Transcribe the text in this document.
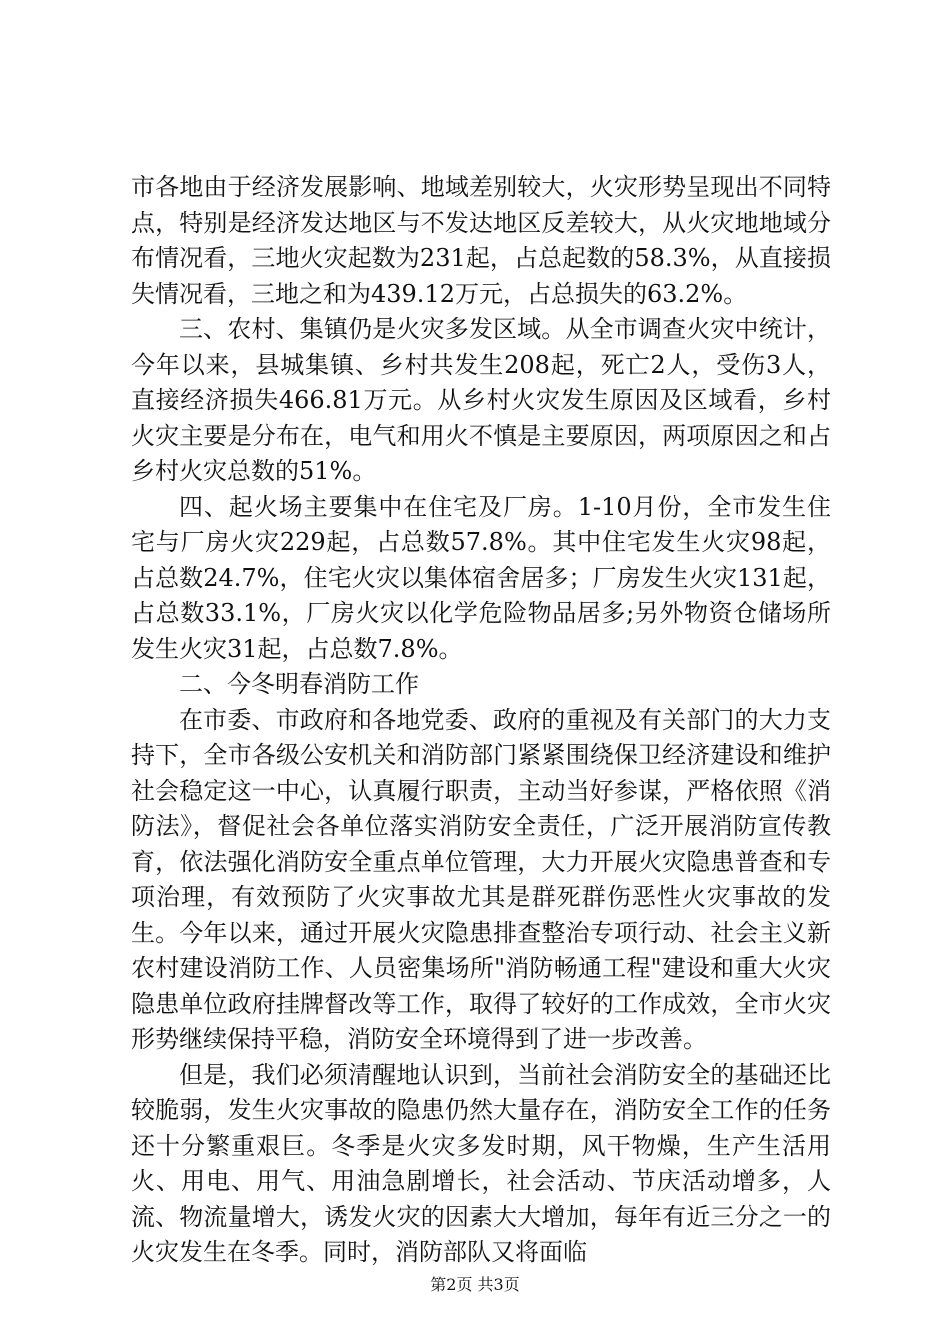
市各地由于经济发展影响、地域差别较大，火灾形势呈现出不同特点，特别是经济发达地区与不发达地区反差较大，从火灾地地域分布情况看，三地火灾起数为231起，占总起数的58.3%，从直接损失情况看，三地之和为439.12万元，占总损失的63.2%。

三、农村、集镇仍是火灾多发区域。从全市调查火灾中统计，今年以来，县城集镇、乡村共发生208起，死亡2人，受伤3人，直接经济损失466.81万元。从乡村火灾发生原因及区域看，乡村火灾主要是分布在，电气和用火不慎是主要原因，两项原因之和占乡村火灾总数的51%。

四、起火场主要集中在住宅及厂房。1-10月份，全市发生住宅与厂房火灾229起，占总数57.8%。其中住宅发生火灾98起，占总数24.7%，住宅火灾以集体宿舍居多；厂房发生火灾131起，占总数33.1%，厂房火灾以化学危险物品居多;另外物资仓储场所发生火灾31起，占总数7.8%。

二、今冬明春消防工作

在市委、市政府和各地党委、政府的重视及有关部门的大力支持下，全市各级公安机关和消防部门紧紧围绕保卫经济建设和维护社会稳定这一中心，认真履行职责，主动当好参谋，严格依照《消防法》，督促社会各单位落实消防安全责任，广泛开展消防宣传教育，依法强化消防安全重点单位管理，大力开展火灾隐患普查和专项治理，有效预防了火灾事故尤其是群死群伤恶性火灾事故的发生。今年以来，通过开展火灾隐患排查整治专项行动、社会主义新农村建设消防工作、人员密集场所"消防畅通工程"建设和重大火灾隐患单位政府挂牌督改等工作，取得了较好的工作成效，全市火灾形势继续保持平稳，消防安全环境得到了进一步改善。

但是，我们必须清醒地认识到，当前社会消防安全的基础还比较脆弱，发生火灾事故的隐患仍然大量存在，消防安全工作的任务还十分繁重艰巨。冬季是火灾多发时期，风干物燥，生产生活用火、用电、用气、用油急剧增长，社会活动、节庆活动增多，人流、物流量增大，诱发火灾的因素大大增加，每年有近三分之一的火灾发生在冬季。同时，消防部队又将面临

第2页 共3页
